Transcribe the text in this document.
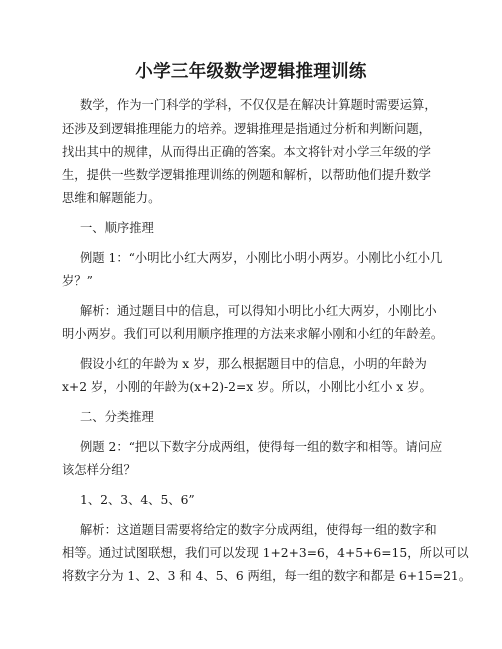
小学三年级数学逻辑推理训练

数学，作为一门科学的学科，不仅仅是在解决计算题时需要运算，

还涉及到逻辑推理能力的培养。逻辑推理是指通过分析和判断问题，

找出其中的规律，从而得出正确的答案。本文将针对小学三年级的学

生，提供一些数学逻辑推理训练的例题和解析，以帮助他们提升数学

思维和解题能力。

一、顺序推理

例题 1：“小明比小红大两岁，小刚比小明小两岁。小刚比小红小几

岁？”

解析：通过题目中的信息，可以得知小明比小红大两岁，小刚比小

明小两岁。我们可以利用顺序推理的方法来求解小刚和小红的年龄差。

假设小红的年龄为 x 岁，那么根据题目中的信息，小明的年龄为

x+2 岁，小刚的年龄为(x+2)-2=x 岁。所以，小刚比小红小 x 岁。

二、分类推理

例题 2：“把以下数字分成两组，使得每一组的数字和相等。请问应

该怎样分组？

1、2、3、4、5、6”

解析：这道题目需要将给定的数字分成两组，使得每一组的数字和

相等。通过试图联想，我们可以发现 1+2+3=6，4+5+6=15，所以可以

将数字分为 1、2、3 和 4、5、6 两组，每一组的数字和都是 6+15=21。
